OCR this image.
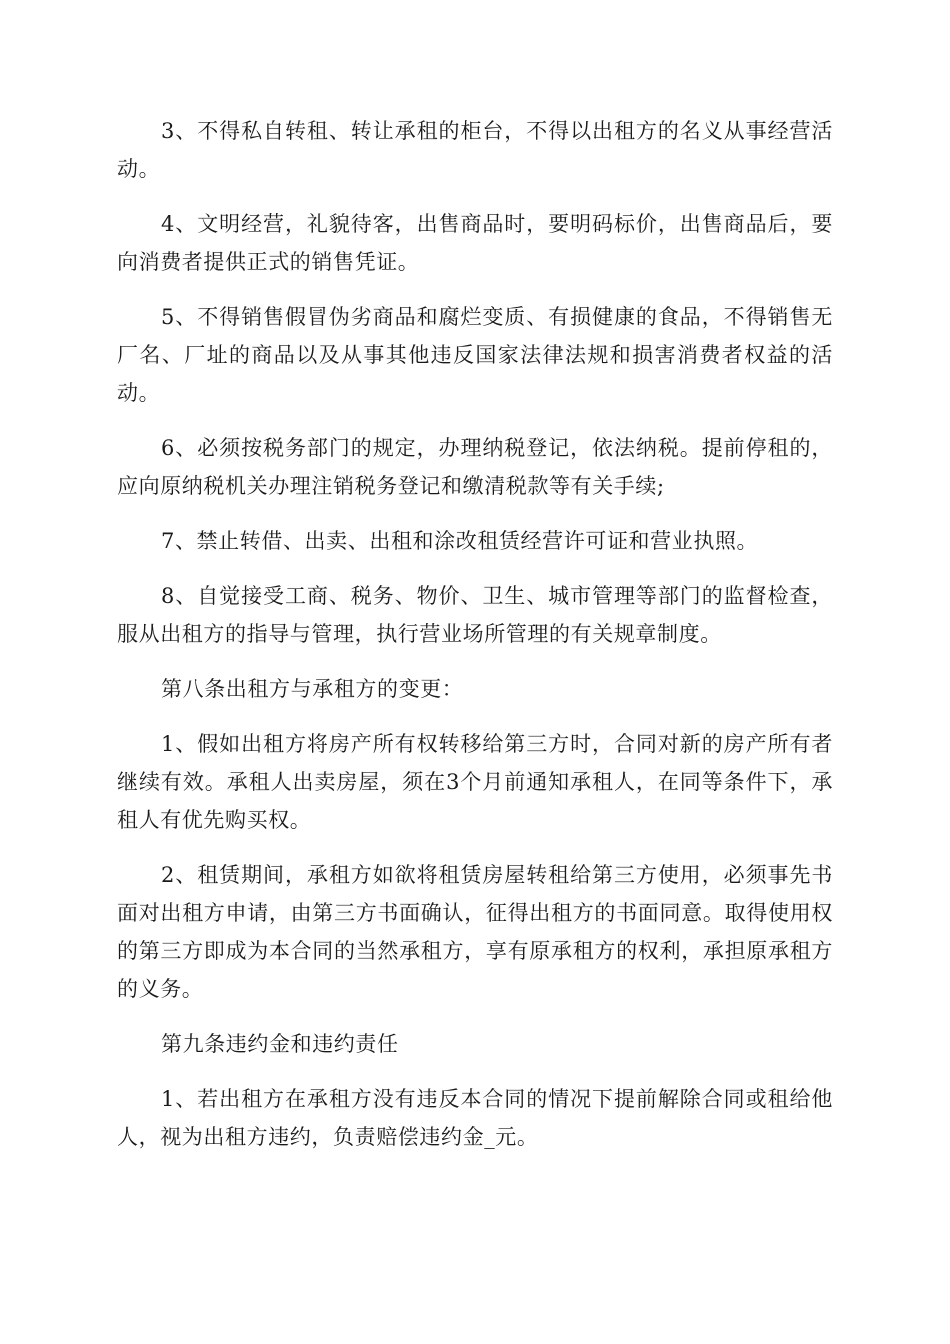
3、不得私自转租、转让承租的柜台，不得以出租方的名义从事经营活动。

4、文明经营，礼貌待客，出售商品时，要明码标价，出售商品后，要向消费者提供正式的销售凭证。

5、不得销售假冒伪劣商品和腐烂变质、有损健康的食品，不得销售无厂名、厂址的商品以及从事其他违反国家法律法规和损害消费者权益的活动。

6、必须按税务部门的规定，办理纳税登记，依法纳税。提前停租的，应向原纳税机关办理注销税务登记和缴清税款等有关手续;

7、禁止转借、出卖、出租和涂改租赁经营许可证和营业执照。

8、自觉接受工商、税务、物价、卫生、城市管理等部门的监督检查，服从出租方的指导与管理，执行营业场所管理的有关规章制度。

第八条出租方与承租方的变更：

1、假如出租方将房产所有权转移给第三方时，合同对新的房产所有者继续有效。承租人出卖房屋，须在3个月前通知承租人，在同等条件下，承租人有优先购买权。

2、租赁期间，承租方如欲将租赁房屋转租给第三方使用，必须事先书面对出租方申请，由第三方书面确认，征得出租方的书面同意。取得使用权的第三方即成为本合同的当然承租方，享有原承租方的权利，承担原承租方的义务。

第九条违约金和违约责任

1、若出租方在承租方没有违反本合同的情况下提前解除合同或租给他人，视为出租方违约，负责赔偿违约金_元。
